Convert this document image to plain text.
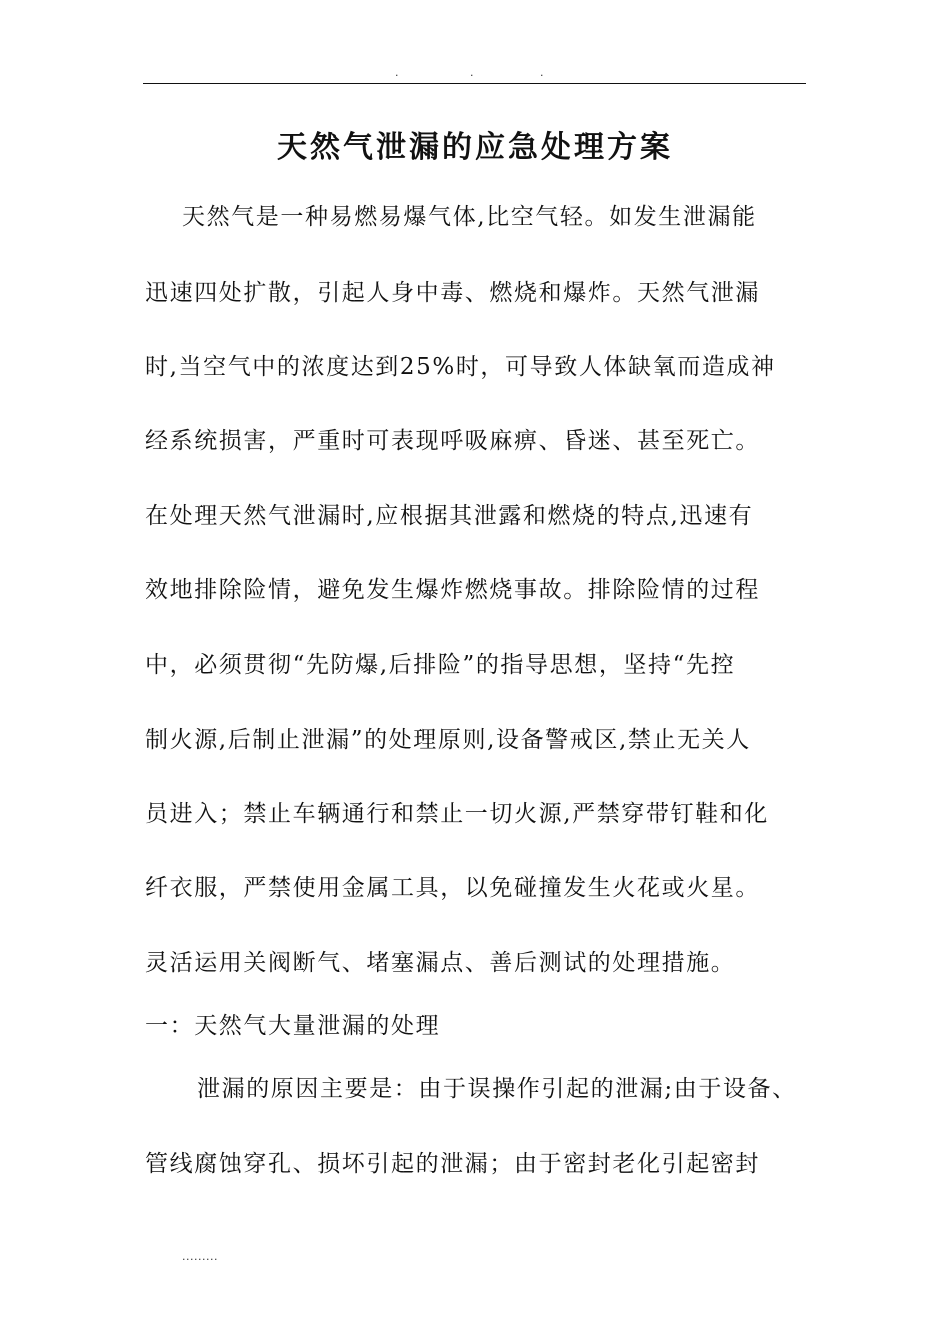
.	.	.
天然气泄漏的应急处理方案
天然气是一种易燃易爆气体,比空气轻。如发生泄漏能
迅速四处扩散，引起人身中毒、燃烧和爆炸。天然气泄漏
时,当空气中的浓度达到25%时，可导致人体缺氧而造成神
经系统损害，严重时可表现呼吸麻痹、昏迷、甚至死亡。
在处理天然气泄漏时,应根据其泄露和燃烧的特点,迅速有
效地排除险情，避免发生爆炸燃烧事故。排除险情的过程
中，必须贯彻“先防爆,后排险”的指导思想，坚持“先控
制火源,后制止泄漏”的处理原则,设备警戒区,禁止无关人
员进入；禁止车辆通行和禁止一切火源,严禁穿带钉鞋和化
纤衣服，严禁使用金属工具，以免碰撞发生火花或火星。
灵活运用关阀断气、堵塞漏点、善后测试的处理措施。
一：天然气大量泄漏的处理
泄漏的原因主要是：由于误操作引起的泄漏;由于设备、
管线腐蚀穿孔、损坏引起的泄漏；由于密封老化引起密封
.........
